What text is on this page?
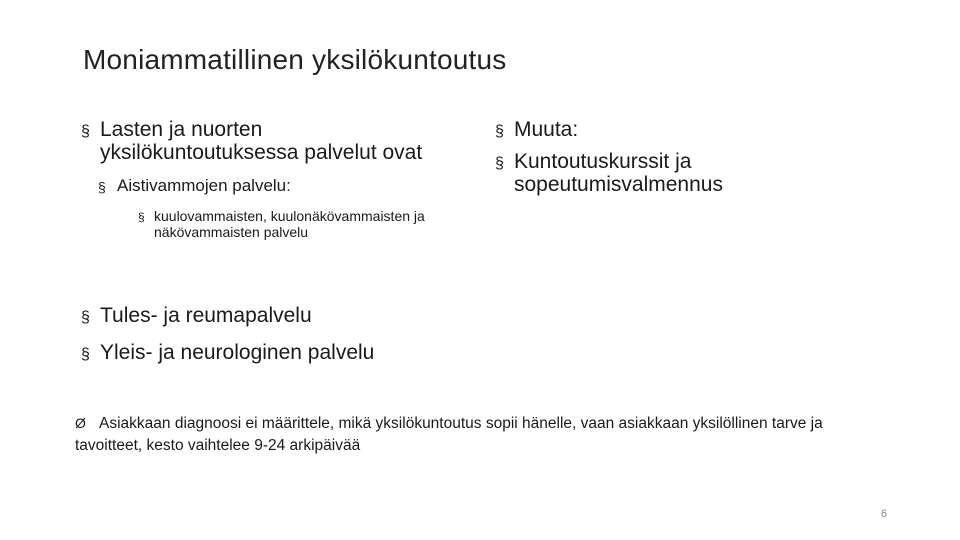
Moniammatillinen yksilökuntoutus
§ Lasten ja nuorten yksilökuntoutuksessa palvelut ovat
§ Aistivammojen palvelu:
§ kuulovammaisten, kuulonäkövammaisten ja näkövammaisten palvelu
§ Tules- ja reumapalvelu
§ Yleis- ja neurologinen palvelu
§ Muuta:
§ Kuntoutuskurssit ja sopeutumisvalmennus
Ø Asiakkaan diagnoosi ei määrittele, mikä yksilökuntoutus sopii hänelle, vaan asiakkaan yksilöllinen tarve ja tavoitteet, kesto vaihtelee 9-24 arkipäivää
6
